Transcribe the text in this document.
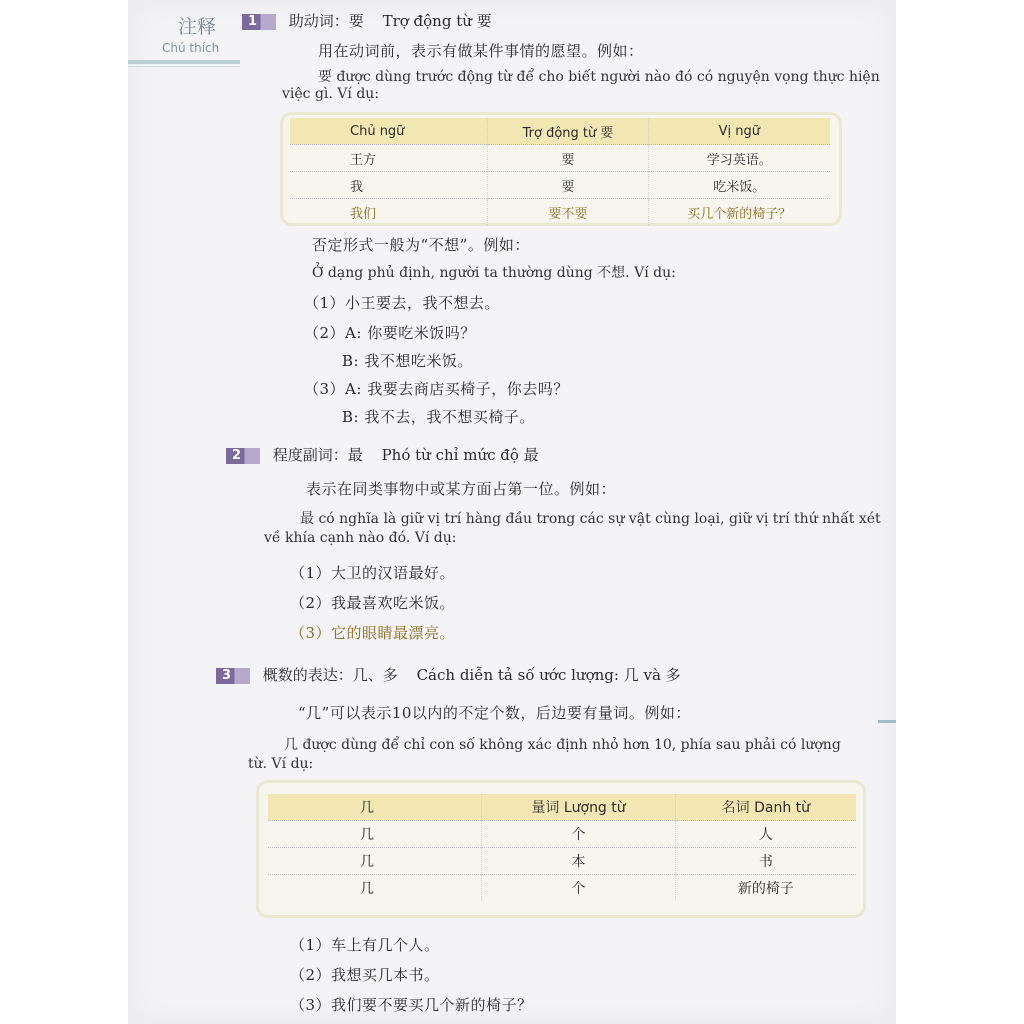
注释
Chú thích
1 助动词：要 Trợ động từ 要
用在动词前，表示有做某件事情的愿望。例如：
要 được dùng trước động từ để cho biết người nào đó có nguyện vọng thực hiện
việc gì. Ví dụ:
Chủ ngữ	Trợ động từ 要	Vị ngữ
王方	要	学习英语。
我	要	吃米饭。
我们	要不要	买几个新的椅子？
否定形式一般为“不想”。例如：
Ở dạng phủ định, người ta thường dùng 不想. Ví dụ:
（1）小王要去，我不想去。
（2）A: 你要吃米饭吗？
B: 我不想吃米饭。
（3）A: 我要去商店买椅子，你去吗？
B: 我不去，我不想买椅子。
2 程度副词：最 Phó từ chỉ mức độ 最
表示在同类事物中或某方面占第一位。例如：
最 có nghĩa là giữ vị trí hàng đầu trong các sự vật cùng loại, giữ vị trí thứ nhất xét
về khía cạnh nào đó. Ví dụ:
（1）大卫的汉语最好。
（2）我最喜欢吃米饭。
（3）它的眼睛最漂亮。
3 概数的表达：几、多 Cách diễn tả số ước lượng: 几 và 多
“几”可以表示10以内的不定个数，后边要有量词。例如：
几 được dùng để chỉ con số không xác định nhỏ hơn 10, phía sau phải có lượng
từ. Ví dụ:
几	量词 Lượng từ	名词 Danh từ
几	个	人
几	本	书
几	个	新的椅子
（1）车上有几个人。
（2）我想买几本书。
（3）我们要不要买几个新的椅子？
